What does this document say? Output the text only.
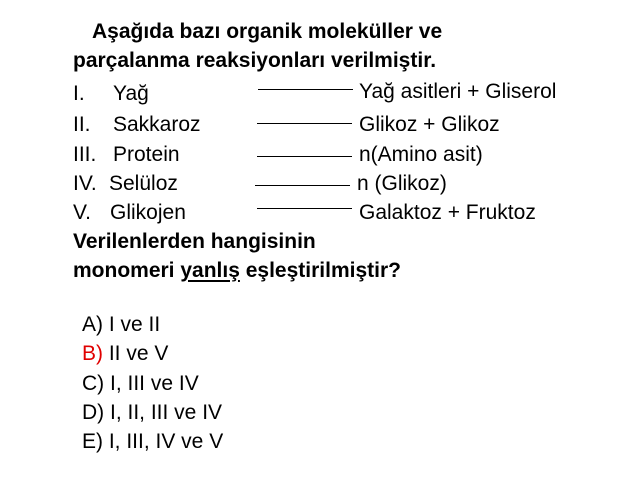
Aşağıda bazı organik moleküller ve
parçalanma reaksiyonları verilmiştir.
I. Yağ	Yağ asitleri + Gliserol
II. Sakkaroz	Glikoz + Glikoz
III. Protein	n(Amino asit)
IV. Selüloz	n (Glikoz)
V. Glikojen	Galaktoz + Fruktoz
Verilenlerden hangisinin
monomeri yanlış eşleştirilmiştir?
A) I ve II
B) II ve V
C) I, III ve IV
D) I, II, III ve IV
E) I, III, IV ve V
